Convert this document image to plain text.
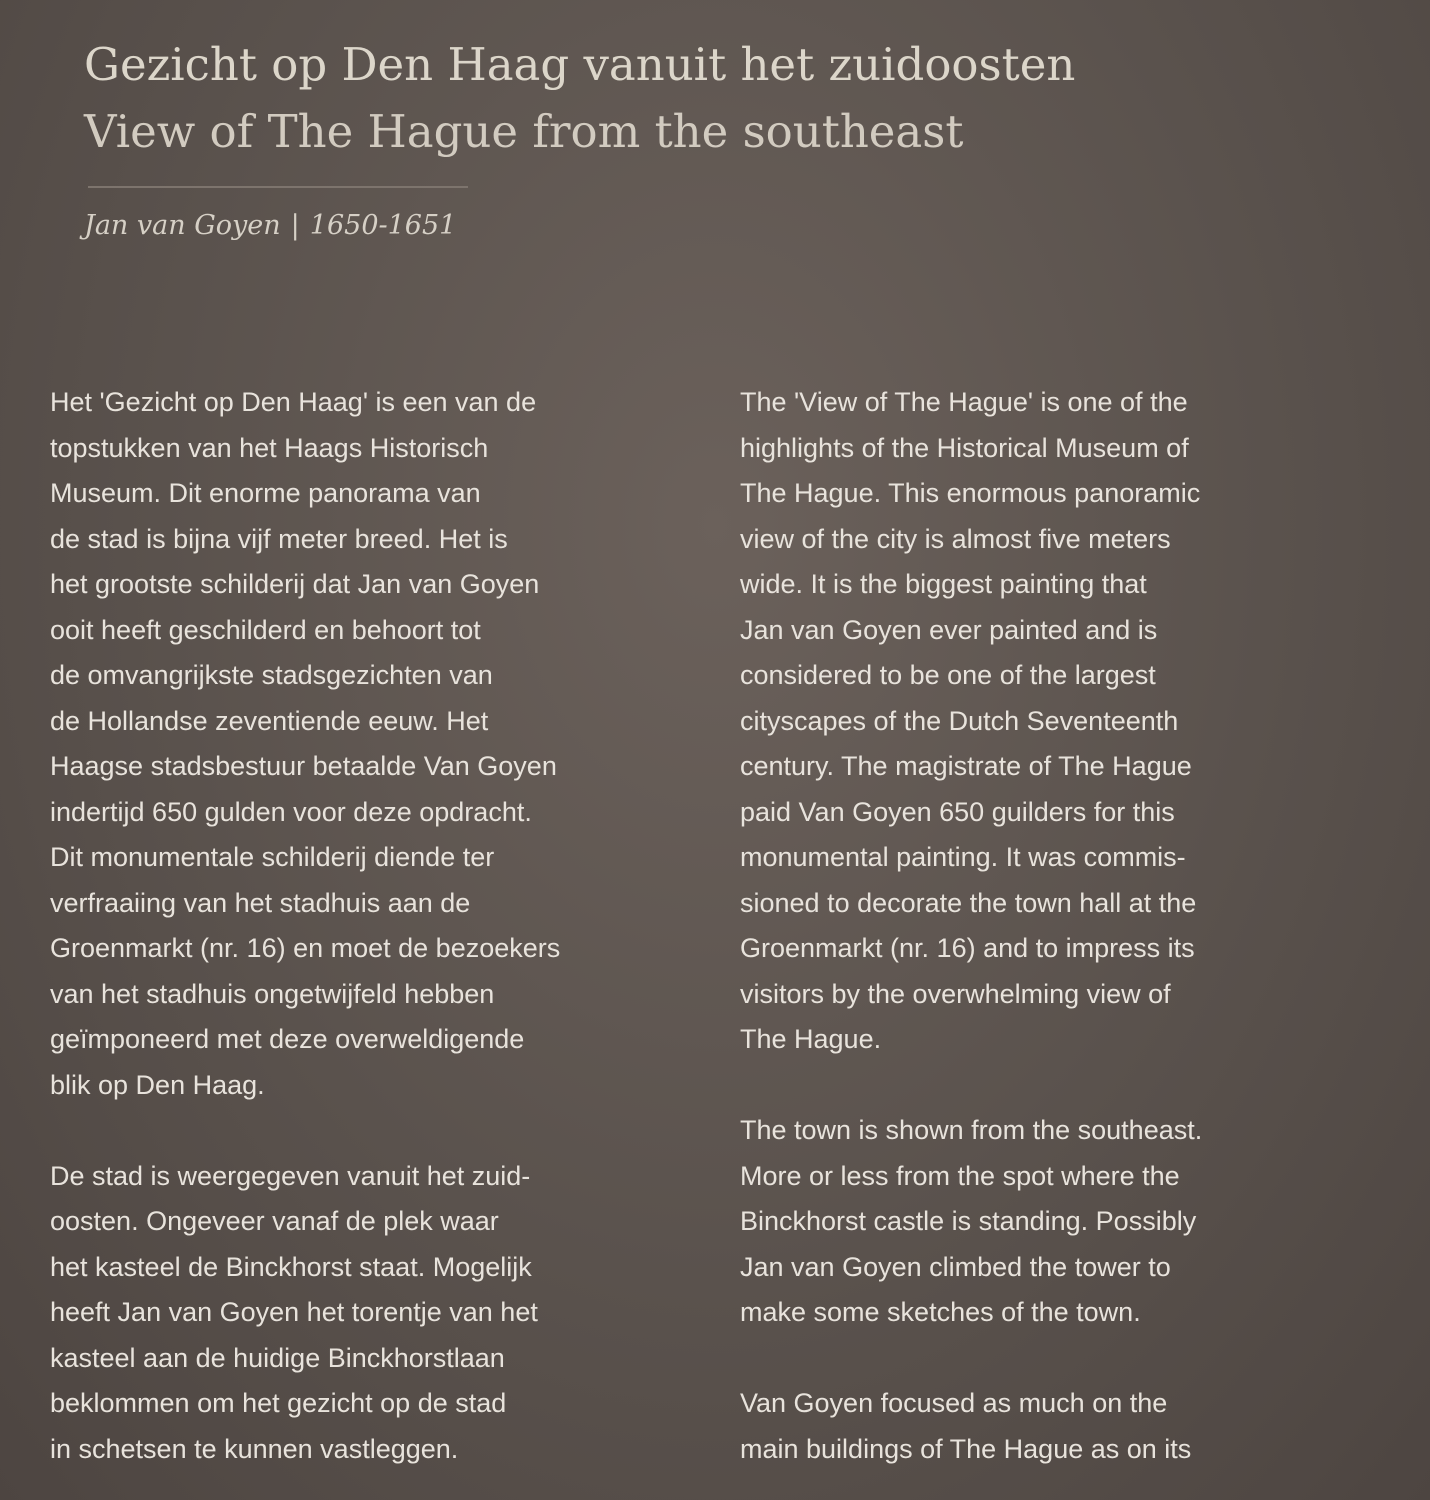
Gezicht op Den Haag vanuit het zuidoosten
View of The Hague from the southeast
Jan van Goyen | 1650-1651
Het 'Gezicht op Den Haag' is een van de
topstukken van het Haags Historisch
Museum. Dit enorme panorama van
de stad is bijna vijf meter breed. Het is
het grootste schilderij dat Jan van Goyen
ooit heeft geschilderd en behoort tot
de omvangrijkste stadsgezichten van
de Hollandse zeventiende eeuw. Het
Haagse stadsbestuur betaalde Van Goyen
indertijd 650 gulden voor deze opdracht.
Dit monumentale schilderij diende ter
verfraaiing van het stadhuis aan de
Groenmarkt (nr. 16) en moet de bezoekers
van het stadhuis ongetwijfeld hebben
geïmponeerd met deze overweldigende
blik op Den Haag.
De stad is weergegeven vanuit het zuid-
oosten. Ongeveer vanaf de plek waar
het kasteel de Binckhorst staat. Mogelijk
heeft Jan van Goyen het torentje van het
kasteel aan de huidige Binckhorstlaan
beklommen om het gezicht op de stad
in schetsen te kunnen vastleggen.
The 'View of The Hague' is one of the
highlights of the Historical Museum of
The Hague. This enormous panoramic
view of the city is almost five meters
wide. It is the biggest painting that
Jan van Goyen ever painted and is
considered to be one of the largest
cityscapes of the Dutch Seventeenth
century. The magistrate of The Hague
paid Van Goyen 650 guilders for this
monumental painting. It was commis-
sioned to decorate the town hall at the
Groenmarkt (nr. 16) and to impress its
visitors by the overwhelming view of
The Hague.
The town is shown from the southeast.
More or less from the spot where the
Binckhorst castle is standing. Possibly
Jan van Goyen climbed the tower to
make some sketches of the town.
Van Goyen focused as much on the
main buildings of The Hague as on its
